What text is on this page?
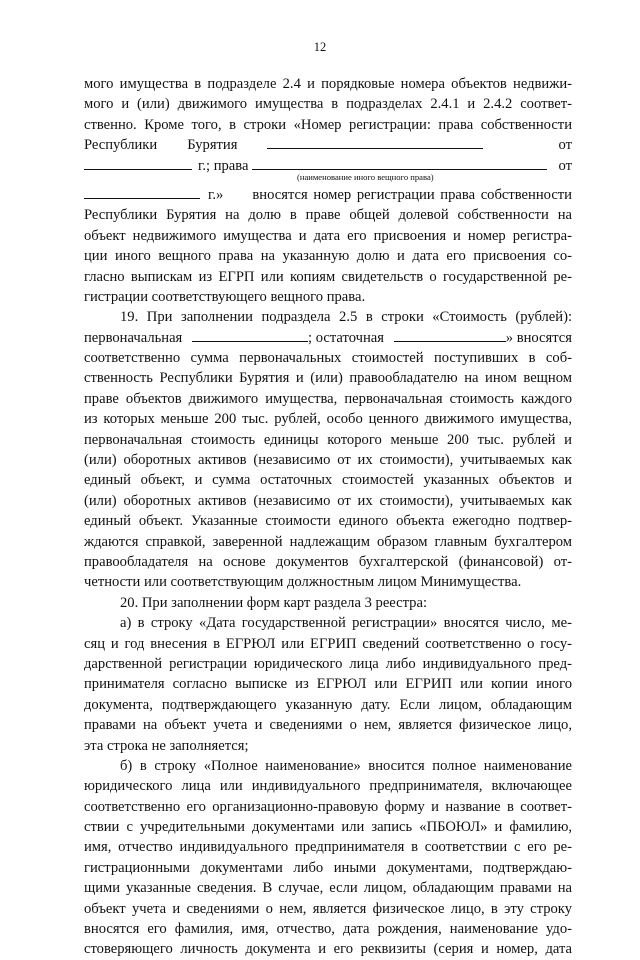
12
мого имущества в подразделе 2.4 и порядковые номера объектов недвижи-
мого и (или) движимого имущества в подразделах 2.4.1 и 2.4.2 соответ-
ственно. Кроме того, в строки «Номер регистрации: права собственности
Республики Бурятия	от
г.; права	от
(наименование иного вещного права)
г.» вносятся номер регистрации права собственности
Республики Бурятия на долю в праве общей долевой собственности на
объект недвижимого имущества и дата его присвоения и номер регистра-
ции иного вещного права на указанную долю и дата его присвоения со-
гласно выпискам из ЕГРП или копиям свидетельств о государственной ре-
гистрации соответствующего вещного права.
19. При заполнении подраздела 2.5 в строки «Стоимость (рублей):
первоначальная	; остаточная	» вносятся
соответственно сумма первоначальных стоимостей поступивших в соб-
ственность Республики Бурятия и (или) правообладателю на ином вещном
праве объектов движимого имущества, первоначальная стоимость каждого
из которых меньше 200 тыс. рублей, особо ценного движимого имущества,
первоначальная стоимость единицы которого меньше 200 тыс. рублей и
(или) оборотных активов (независимо от их стоимости), учитываемых как
единый объект, и сумма остаточных стоимостей указанных объектов и
(или) оборотных активов (независимо от их стоимости), учитываемых как
единый объект. Указанные стоимости единого объекта ежегодно подтвер-
ждаются справкой, заверенной надлежащим образом главным бухгалтером
правообладателя на основе документов бухгалтерской (финансовой) от-
четности или соответствующим должностным лицом Минимущества.
20. При заполнении форм карт раздела 3 реестра:
а) в строку «Дата государственной регистрации» вносятся число, ме-
сяц и год внесения в ЕГРЮЛ или ЕГРИП сведений соответственно о госу-
дарственной регистрации юридического лица либо индивидуального пред-
принимателя согласно выписке из ЕГРЮЛ или ЕГРИП или копии иного
документа, подтверждающего указанную дату. Если лицом, обладающим
правами на объект учета и сведениями о нем, является физическое лицо,
эта строка не заполняется;
б) в строку «Полное наименование» вносится полное наименование
юридического лица или индивидуального предпринимателя, включающее
соответственно его организационно-правовую форму и название в соответ-
ствии с учредительными документами или запись «ПБОЮЛ» и фамилию,
имя, отчество индивидуального предпринимателя в соответствии с его ре-
гистрационными документами либо иными документами, подтверждаю-
щими указанные сведения. В случае, если лицом, обладающим правами на
объект учета и сведениями о нем, является физическое лицо, в эту строку
вносятся его фамилия, имя, отчество, дата рождения, наименование удо-
стоверяющего личность документа и его реквизиты (серия и номер, дата
